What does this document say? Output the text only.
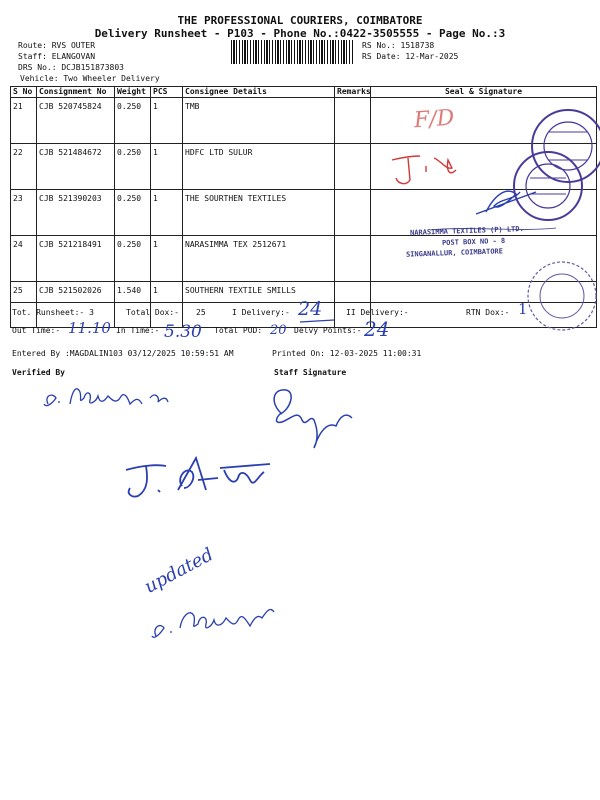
THE PROFESSIONAL COURIERS, COIMBATORE
Delivery Runsheet - P103 - Phone No.:0422-3505555 - Page No.:3
Route: RVS OUTER
Staff: ELANGOVAN
DRS No.: DCJB151873803
Vehicle: Two Wheeler Delivery
RS No.: 1518738
RS Date: 12-Mar-2025
S No	Consignment No	Weight	PCS	Consignee Details	Remarks	Seal & Signature
21	CJB 520745824	0.250	1	TMB		
22	CJB 521484672	0.250	1	HDFC LTD SULUR		
23	CJB 521390203	0.250	1	THE SOURTHEN TEXTILES		
24	CJB 521218491	0.250	1	NARASIMMA TEX 2512671		
25	CJB 521502026	1.540	1	SOUTHERN TEXTILE SMILLS		
Tot. Runsheet:- 3	Total Dox:- 25	I Delivery:-	II Delivery:-	RTN Dox:-
Out Time:-	In Time:-	Total POD:	Delvy Points:-
24	1
11.10	5.30	20	24
Entered By :MAGDALIN103 03/12/2025 10:59:51 AM	Printed On: 12-03-2025 11:00:31
Verified By	Staff Signature
NARASIMMA TEXTILES (P) LTD.
POST BOX NO - 8
SINGANALLUR, COIMBATORE
F/D
updated
